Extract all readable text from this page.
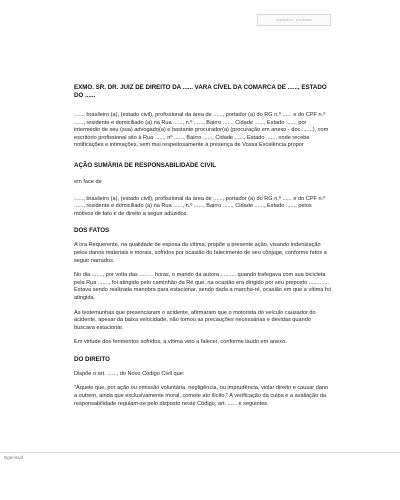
application · procedure

EXMO. SR. DR. JUIZ DE DIREITO DA ...... VARA CÍVEL DA COMARCA DE ......, ESTADO DO ......

......, brasileiro (a), (estado civil), profissional da área de ......, portador (a) do RG n.º ...... e do CPF n.º ......, residente e domiciliado (a) na Rua ......, n.º ......, Bairro ......, Cidade ......, Estado ......, por intermédio de seu (sua) advogado(a) e bastante procurador(a) (procuração em anexo - doc. ......), com escritório profissional sito à Rua ......, nº ......, Bairro ......, Cidade ......, Estado ......, onde recebe notificações e intimações, vem mui respeitosamente à presença de Vossa Excelência propor

AÇÃO SUMÁRIA DE RESPONSABILIDADE CIVIL

em face de

......, brasileiro (a), (estado civil), profissional da área de ......, portador (a) do RG n.º ...... e do CPF n.º ......, residente e domiciliado (a) na Rua ......, n.º ......, Bairro ......, Cidade ......, Estado ......, pelos motivos de fato e de direito a seguir aduzidos.

DOS FATOS

A ora Requerente, na qualidade de esposa da vítima, propõe a presente ação, visando indenização pelos danos materiais e morais, sofridos por ocasião do falecimento de seu cônjuge, conforme fatos a seguir narrados.

No dia ......., por volta das ......... horas, o marido da autora .......... quando trafegava com sua bicicleta pela Rua ......., foi atingido pelo caminhão da Ré que, na ocasião era dirigido por seu preposto ............. Estava sendo realizada manobra para estacionar, sendo dada a marcha-ré, ocasião em que a vítima foi atingida.

As testemunhas que presenciaram o acidente, afirmaram que o motorista do veículo causador do acidente, apesar da baixa velocidade, não tomou as precauções necessárias e devidas quando buscava estacionar.

Em virtude dos ferimentos sofridos, a vítima veio a falecer, conforme laudo em anexo.

DO DIREITO

Dispõe o art. ......, do Novo Código Civil que:

"Aquele que, por ação ou omissão voluntária, negligência, ou imprudência, violar direito e causar dano a outrem, ainda que exclusivamente moral, comete ato ilícito." A verificação da culpa e a avaliação da responsabilidade regulam-se pelo disposto neste Código, art. ...... e seguintes.

Ngenisud
